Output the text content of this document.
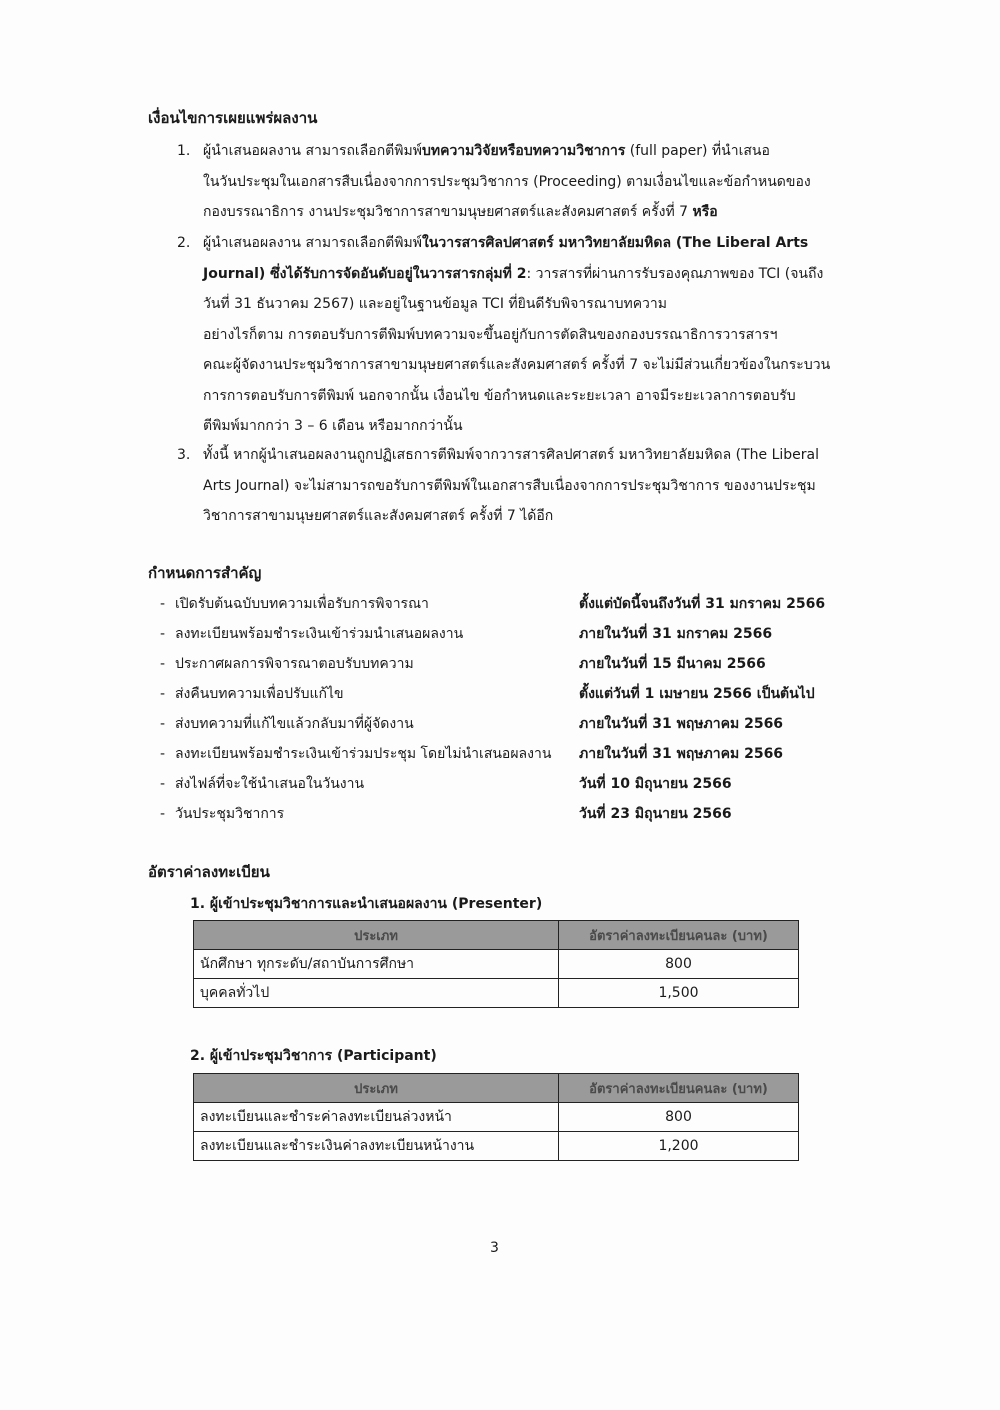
เงื่อนไขการเผยแพร่ผลงาน
1. ผู้นำเสนอผลงาน สามารถเลือกตีพิมพ์บทความวิจัยหรือบทความวิชาการ (full paper) ที่นำเสนอ
ในวันประชุมในเอกสารสืบเนื่องจากการประชุมวิชาการ (Proceeding) ตามเงื่อนไขและข้อกำหนดของ
กองบรรณาธิการ งานประชุมวิชาการสาขามนุษยศาสตร์และสังคมศาสตร์ ครั้งที่ 7 หรือ
2. ผู้นำเสนอผลงาน สามารถเลือกตีพิมพ์ในวารสารศิลปศาสตร์ มหาวิทยาลัยมหิดล (The Liberal Arts
Journal) ซึ่งได้รับการจัดอันดับอยู่ในวารสารกลุ่มที่ 2: วารสารที่ผ่านการรับรองคุณภาพของ TCI (จนถึง
วันที่ 31 ธันวาคม 2567) และอยู่ในฐานข้อมูล TCI ที่ยินดีรับพิจารณาบทความ
อย่างไรก็ตาม การตอบรับการตีพิมพ์บทความจะขึ้นอยู่กับการตัดสินของกองบรรณาธิการวารสารฯ
คณะผู้จัดงานประชุมวิชาการสาขามนุษยศาสตร์และสังคมศาสตร์ ครั้งที่ 7 จะไม่มีส่วนเกี่ยวข้องในกระบวน
การการตอบรับการตีพิมพ์ นอกจากนั้น เงื่อนไข ข้อกำหนดและระยะเวลา อาจมีระยะเวลาการตอบรับ
ตีพิมพ์มากกว่า 3 – 6 เดือน หรือมากกว่านั้น
3. ทั้งนี้ หากผู้นำเสนอผลงานถูกปฏิเสธการตีพิมพ์จากวารสารศิลปศาสตร์ มหาวิทยาลัยมหิดล (The Liberal
Arts Journal) จะไม่สามารถขอรับการตีพิมพ์ในเอกสารสืบเนื่องจากการประชุมวิชาการ ของงานประชุม
วิชาการสาขามนุษยศาสตร์และสังคมศาสตร์ ครั้งที่ 7 ได้อีก
กำหนดการสำคัญ
- เปิดรับต้นฉบับบทความเพื่อรับการพิจารณา	ตั้งแต่บัดนี้จนถึงวันที่ 31 มกราคม 2566
- ลงทะเบียนพร้อมชำระเงินเข้าร่วมนำเสนอผลงาน	ภายในวันที่ 31 มกราคม 2566
- ประกาศผลการพิจารณาตอบรับบทความ	ภายในวันที่ 15 มีนาคม 2566
- ส่งคืนบทความเพื่อปรับแก้ไข	ตั้งแต่วันที่ 1 เมษายน 2566 เป็นต้นไป
- ส่งบทความที่แก้ไขแล้วกลับมาที่ผู้จัดงาน	ภายในวันที่ 31 พฤษภาคม 2566
- ลงทะเบียนพร้อมชำระเงินเข้าร่วมประชุม โดยไม่นำเสนอผลงาน ภายในวันที่ 31 พฤษภาคม 2566
- ส่งไฟล์ที่จะใช้นำเสนอในวันงาน	วันที่ 10 มิถุนายน 2566
- วันประชุมวิชาการ	วันที่ 23 มิถุนายน 2566
อัตราค่าลงทะเบียน
1. ผู้เข้าประชุมวิชาการและนำเสนอผลงาน (Presenter)
ประเภท	อัตราค่าลงทะเบียนคนละ (บาท)
นักศึกษา ทุกระดับ/สถาบันการศึกษา	800
บุคคลทั่วไป	1,500
2. ผู้เข้าประชุมวิชาการ (Participant)
ประเภท	อัตราค่าลงทะเบียนคนละ (บาท)
ลงทะเบียนและชำระค่าลงทะเบียนล่วงหน้า	800
ลงทะเบียนและชำระเงินค่าลงทะเบียนหน้างาน	1,200
3
